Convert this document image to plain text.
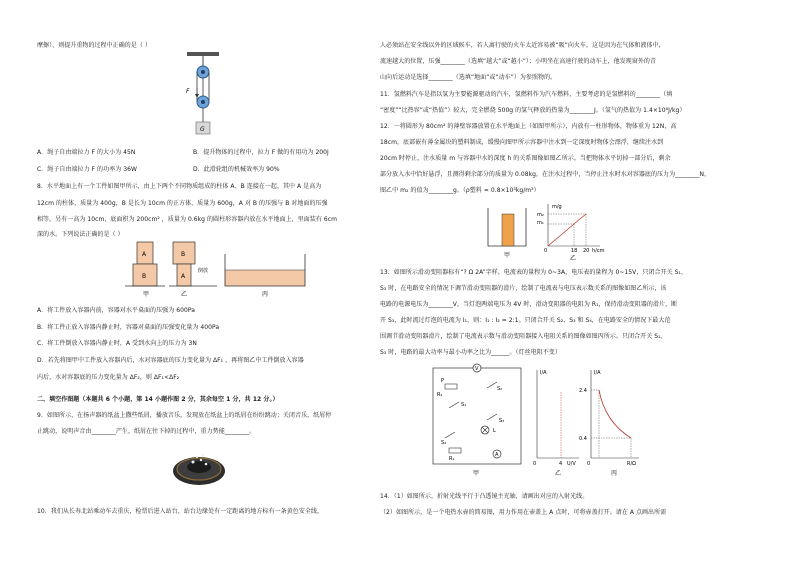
摩擦），则提升重物的过程中正确的是（ ）
G
F
A．绳子自由端拉力 F 的大小为 45N	B．提升物体的过程中，拉力 F 做的有用功为 200J
C．绳子自由端拉力 F 的功率为 36W	D．此滑轮组的机械效率为 90%
8．水平地面上有一个工件如图甲所示，由上下两个不同物质组成的柱体 A、B 连接在一起，其中 A 是高为
12cm 的柱体，质量为 400g，B 是长为 10cm 的正方体，质量为 600g，A 对 B 的压强与 B 对地面的压强
相等。另有一高为 10cm，底面积为 200cm² ，质量为 0.6kg 的圆柱形容器内放在水平地面上，里面装有 6cm
深的水。下列说法正确的是（ ）
A
B
甲
B
A
倒放
乙	丙
A．将工件放入容器内前，容器对水平桌面的压强为 600Pa
B．将工件正放入容器内静止时，容器对桌面的压强变化量为 400Pa
C．将工件倒放入容器内静止时，A 受到水向上的压力为 3N
D．若先将图甲中工件放入容器内后，水对容器底的压力变化量为 ΔF₁ ，再将图乙中工件倒放入容器
内后，水对容器底的压力变化量为 ΔF₂，则 ΔF₁<ΔF₂
二、填空作图题（本题共 6 个小题，第 14 小题作图 2 分，其余每空 1 分，共 12 分。）
9．如图所示，在扬声器的纸盆上撒些纸屑，播放音乐，发现放在纸盆上的纸屑在纷纷跳动；关闭音乐，纸屑停
止跳动，说明声音由________产生，纸屑在往下掉的过程中，重力势能________。
10．我们从长寿北站乘动车去重庆，检票后进入站台，站台边缘处有一定距离的地方标有一条黄色安全线，
人必须站在安全线以外的区域候车，若人离行驶的火车太近容易被“吸”向火车，这是因为在气体和液体中，
流速越大的位置，压强________（选填“越大”或“越小”）；小明坐在高速行驶的动车上，他发现窗外的青
山向后运动是选择________（选填“地面”或“动车”）为参照物的。
11．氢燃料汽车是指以氢为主要能源驱动的汽车，氢燃料作为汽车燃料，主要考虑的是氢燃料的________（填
“密度”“比热容”或“热值”）较大，完全燃烧 500g 的氢气释放的热量为________J。（氢气的热值为 1.4×10⁸J/kg）
12．一将圆形为 80cm² 的薄壁容器放置在水平地面上（如图甲所示），内放有一柱形物体，物体重为 12N，高
18cm，底部嵌有薄金属块的塑料制成，缓慢向图甲所示容器中注水到一定深度时物体会漂浮，继续注水到
20cm 时停止，注水质量 m 与容器中水的深度 h 的关系图像如图乙所示。当把物体水平切掉一部分后，剩余
部分放入水中恰好悬浮，且测得剩余部分的质量为 0.08kg，在注水过程中，当停止注水时水对容器底的压力为________N，
图乙中 m₂ 的值为________g。（ρ塑料 = 0.8×10³kg/m³）
甲
m/g
m₂
m₁
0	18 20 h/cm
乙
13．如图所示滑动变阻器标有“? Ω 2A”字样，电流表的量程为 0~3A，电压表的量程为 0~15V，只闭合开关 S₁、
S₃ 时，在电路安全的情况下调节滑动变阻器的滑片，绘制了电流表与电压表示数关系的图像如图乙所示，该
电路的电源电压为________V，当灯泡两端电压为 4V 时，滑动变阻器的电阻为 R₁，保持滑动变阻器的滑片，断
开 S₃，此时流过灯泡的电流为 I₁，则：I₁ : I₂ = 2:1。只闭合开关 S₂、S₃ 和 S₄，在电路安全的情况下最大范
围调节滑动变阻器滑片，绘制了电流表示数与滑动变阻器接入电阻关系的图像如图丙所示。只闭合开关 S₁、
S₃ 时，电路的最大功率与最小功率之比为______。（灯丝电阻不变）
V
P
R₂
S₂
S₁
S₃
L
S₄
R₁
A
甲
I/A
0	4 U/V
乙
I/A
2.4
0.4
0	R/Ω
丙
14．（1）如图所示，折射光线平行于凸透镜主光轴，请画出对应的入射光线。
（2）如图所示，是一个电热水壶的简易图，用力作用在壶盖上 A 点时，可将壶盖打开。请在 A 点画出所需
